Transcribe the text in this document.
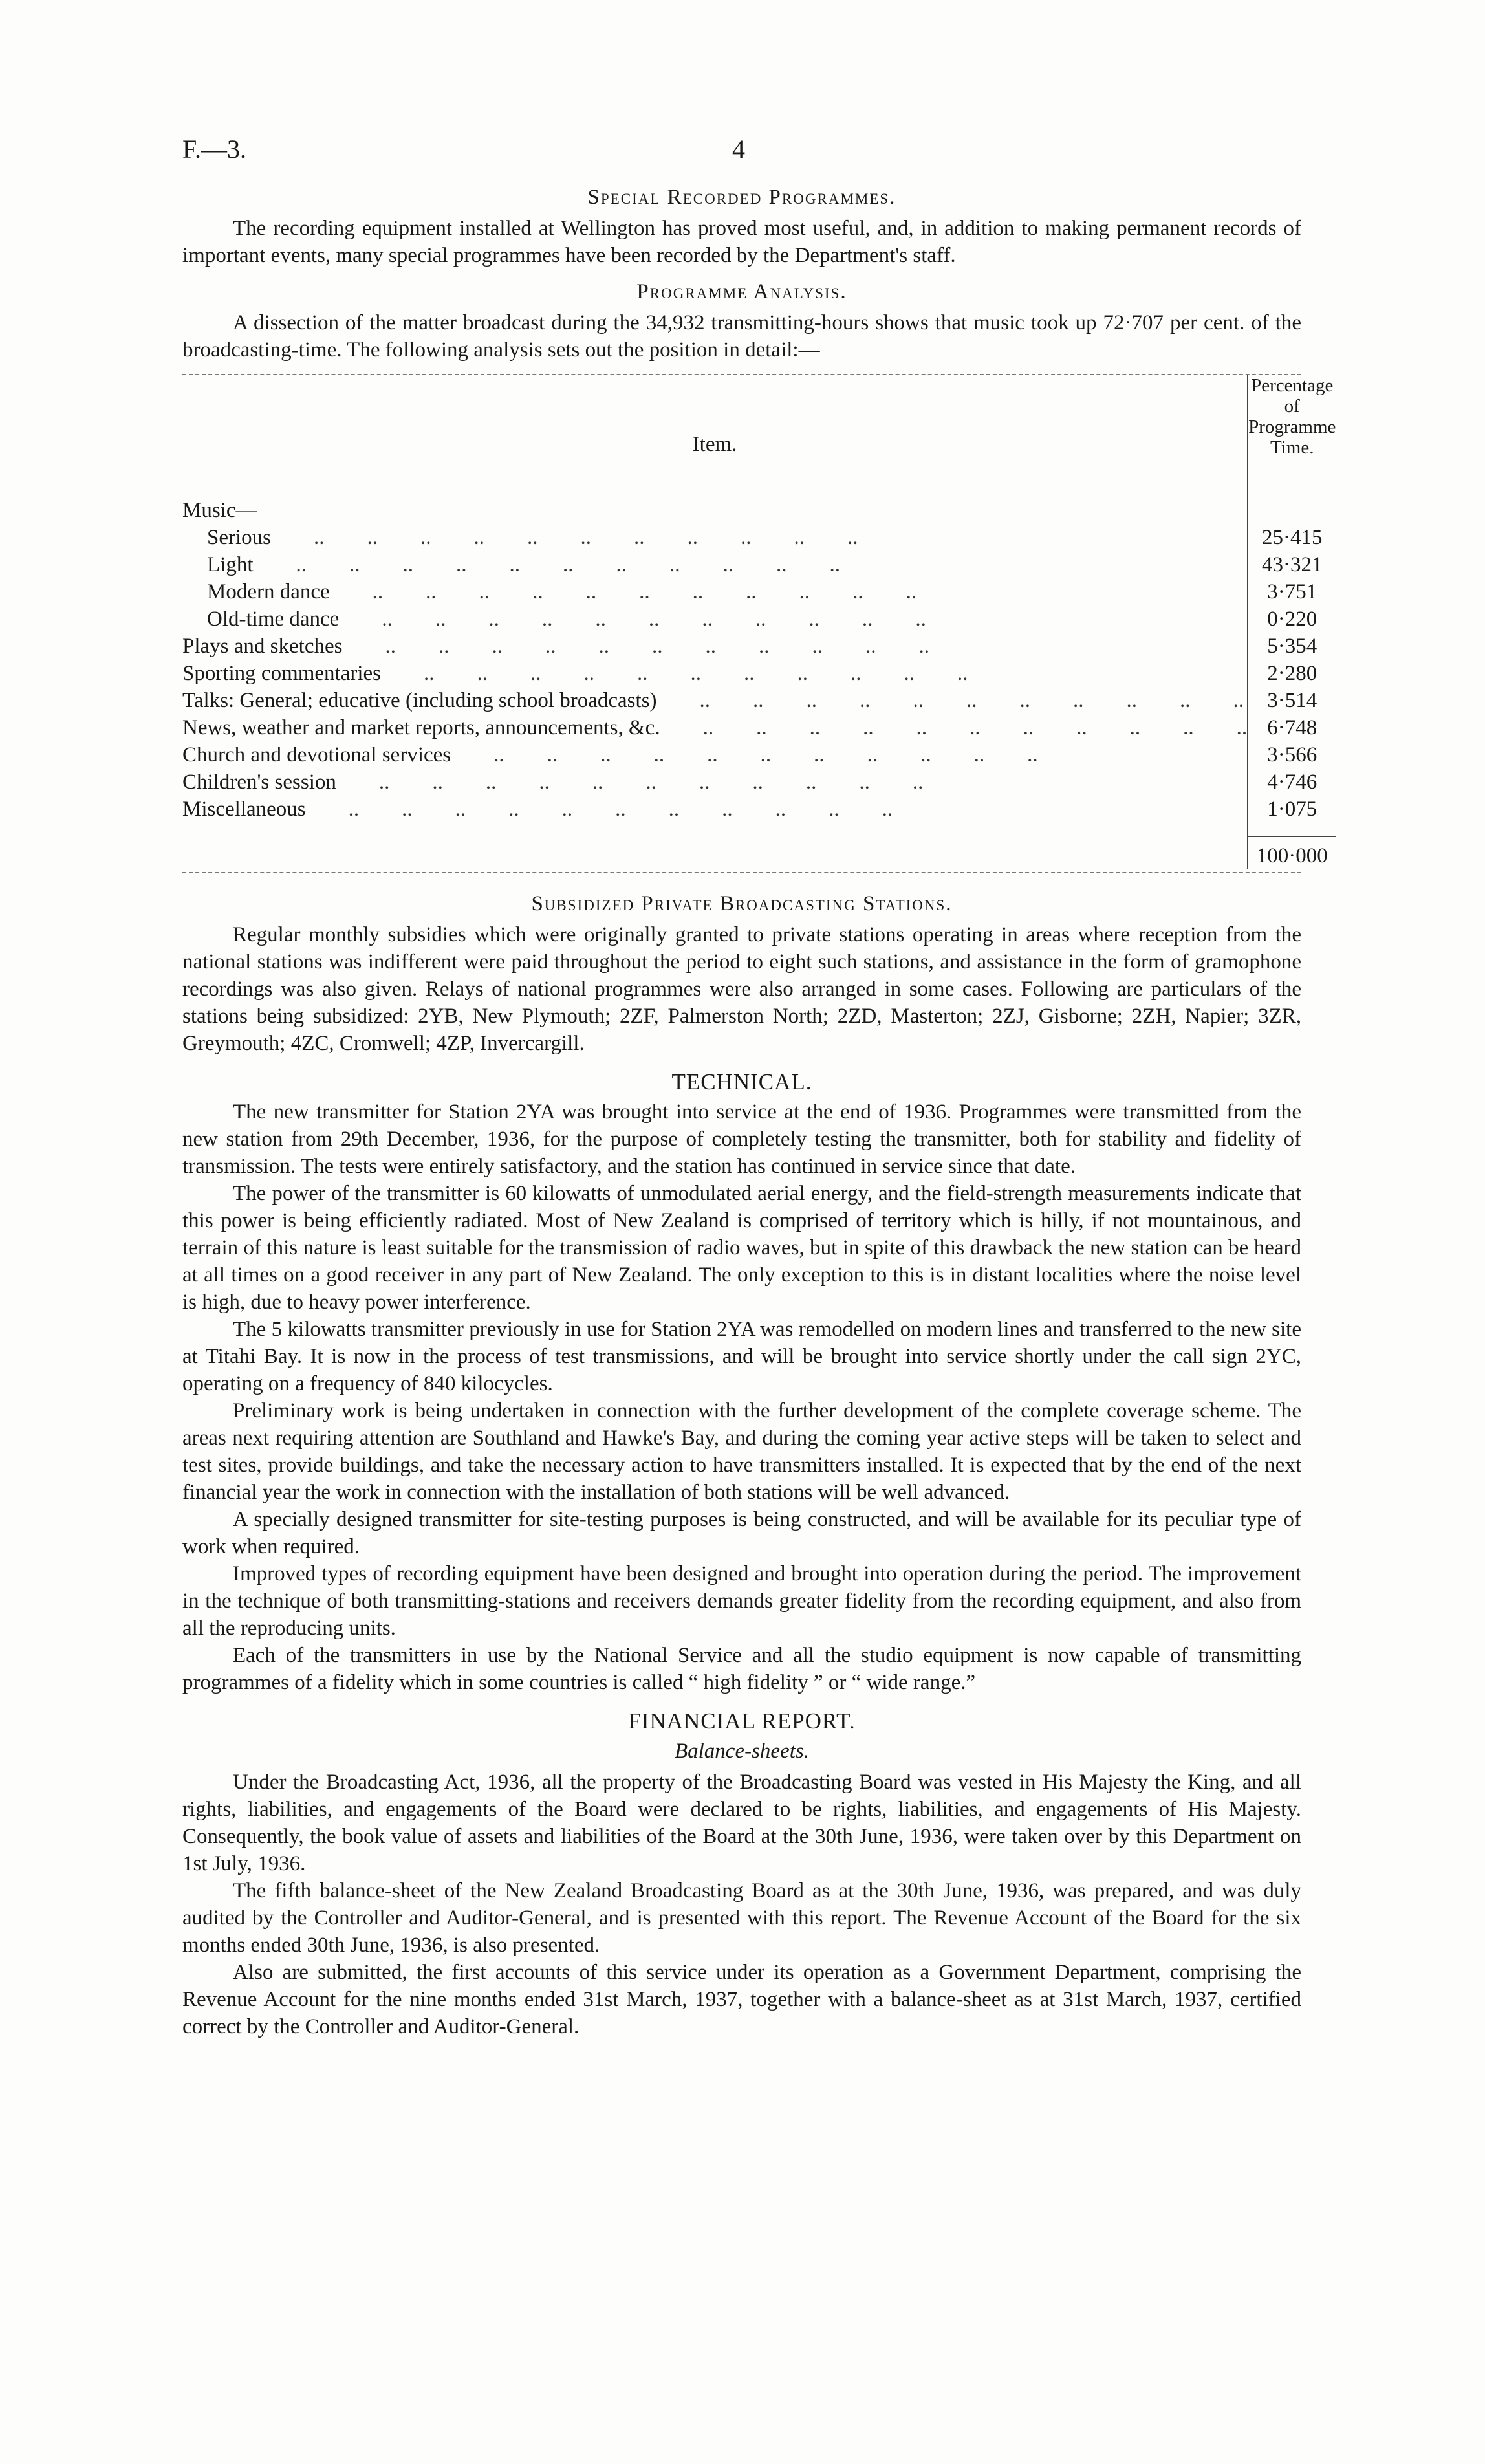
F.—3.	4
Special Recorded Programmes.

The recording equipment installed at Wellington has proved most useful, and, in addition to making permanent records of important events, many special programmes have been recorded by the Department's staff.

Programme Analysis.

A dissection of the matter broadcast during the 34,932 transmitting-hours shows that music took up 72·707 per cent. of the broadcasting-time. The following analysis sets out the position in detail:—

Item.	Percentage of Programme Time.

Music—	
Serious  ..  ..  ..  ..  ..  ..  ..  ..  ..  ..  ..	25·415
Light  ..  ..  ..  ..  ..  ..  ..  ..  ..  ..  ..	43·321
Modern dance  ..  ..  ..  ..  ..  ..  ..  ..  ..  ..  ..	3·751
Old-time dance  ..  ..  ..  ..  ..  ..  ..  ..  ..  ..  ..	0·220
Plays and sketches  ..  ..  ..  ..  ..  ..  ..  ..  ..  ..  ..	5·354
Sporting commentaries  ..  ..  ..  ..  ..  ..  ..  ..  ..  ..  ..	2·280
Talks: General; educative (including school broadcasts)  ..  ..  ..  ..  ..  ..  ..  ..  ..  ..  ..	3·514
News, weather and market reports, announcements, &c.  ..  ..  ..  ..  ..  ..  ..  ..  ..  ..  ..	6·748
Church and devotional services  ..  ..  ..  ..  ..  ..  ..  ..  ..  ..  ..	3·566
Children's session  ..  ..  ..  ..  ..  ..  ..  ..  ..  ..  ..	4·746
Miscellaneous  ..  ..  ..  ..  ..  ..  ..  ..  ..  ..  ..	1·075

	100·000
Subsidized Private Broadcasting Stations.

Regular monthly subsidies which were originally granted to private stations operating in areas where reception from the national stations was indifferent were paid throughout the period to eight such stations, and assistance in the form of gramophone recordings was also given. Relays of national programmes were also arranged in some cases. Following are particulars of the stations being subsidized: 2YB, New Plymouth; 2ZF, Palmerston North; 2ZD, Masterton; 2ZJ, Gisborne; 2ZH, Napier; 3ZR, Greymouth; 4ZC, Cromwell; 4ZP, Invercargill.

TECHNICAL.

The new transmitter for Station 2YA was brought into service at the end of 1936. Programmes were transmitted from the new station from 29th December, 1936, for the purpose of completely testing the transmitter, both for stability and fidelity of transmission. The tests were entirely satisfactory, and the station has continued in service since that date.

The power of the transmitter is 60 kilowatts of unmodulated aerial energy, and the field-strength measurements indicate that this power is being efficiently radiated. Most of New Zealand is comprised of territory which is hilly, if not mountainous, and terrain of this nature is least suitable for the transmission of radio waves, but in spite of this drawback the new station can be heard at all times on a good receiver in any part of New Zealand. The only exception to this is in distant localities where the noise level is high, due to heavy power interference.

The 5 kilowatts transmitter previously in use for Station 2YA was remodelled on modern lines and transferred to the new site at Titahi Bay. It is now in the process of test transmissions, and will be brought into service shortly under the call sign 2YC, operating on a frequency of 840 kilocycles.

Preliminary work is being undertaken in connection with the further development of the complete coverage scheme. The areas next requiring attention are Southland and Hawke's Bay, and during the coming year active steps will be taken to select and test sites, provide buildings, and take the necessary action to have transmitters installed. It is expected that by the end of the next financial year the work in connection with the installation of both stations will be well advanced.

A specially designed transmitter for site-testing purposes is being constructed, and will be available for its peculiar type of work when required.

Improved types of recording equipment have been designed and brought into operation during the period. The improvement in the technique of both transmitting-stations and receivers demands greater fidelity from the recording equipment, and also from all the reproducing units.

Each of the transmitters in use by the National Service and all the studio equipment is now capable of transmitting programmes of a fidelity which in some countries is called “ high fidelity ” or “ wide range.”

FINANCIAL REPORT.
Balance-sheets.

Under the Broadcasting Act, 1936, all the property of the Broadcasting Board was vested in His Majesty the King, and all rights, liabilities, and engagements of the Board were declared to be rights, liabilities, and engagements of His Majesty. Consequently, the book value of assets and liabilities of the Board at the 30th June, 1936, were taken over by this Department on 1st July, 1936.

The fifth balance-sheet of the New Zealand Broadcasting Board as at the 30th June, 1936, was prepared, and was duly audited by the Controller and Auditor-General, and is presented with this report. The Revenue Account of the Board for the six months ended 30th June, 1936, is also presented.

Also are submitted, the first accounts of this service under its operation as a Government Department, comprising the Revenue Account for the nine months ended 31st March, 1937, together with a balance-sheet as at 31st March, 1937, certified correct by the Controller and Auditor-General.
